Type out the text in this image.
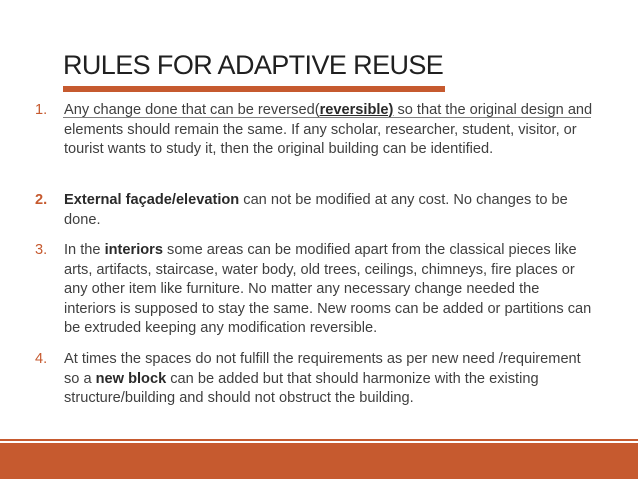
RULES FOR ADAPTIVE REUSE
1.	Any change done that can be reversed(reversible) so that the original design and elements should remain the same. If any scholar, researcher, student, visitor, or tourist wants to study it, then the original building can be identified.
2.	External façade/elevation can not be modified at any cost. No changes to be done.
3.	In the interiors some areas can be modified apart from the classical pieces like arts, artifacts, staircase, water body, old trees, ceilings, chimneys, fire places or any other item like furniture. No matter any necessary change needed the interiors is supposed to stay the same. New rooms can be added or partitions can be extruded keeping any modification reversible.
4.	At times the spaces do not fulfill the requirements as per new need /requirement so a new block can be added but that should harmonize with the existing structure/building and should not obstruct the building.
